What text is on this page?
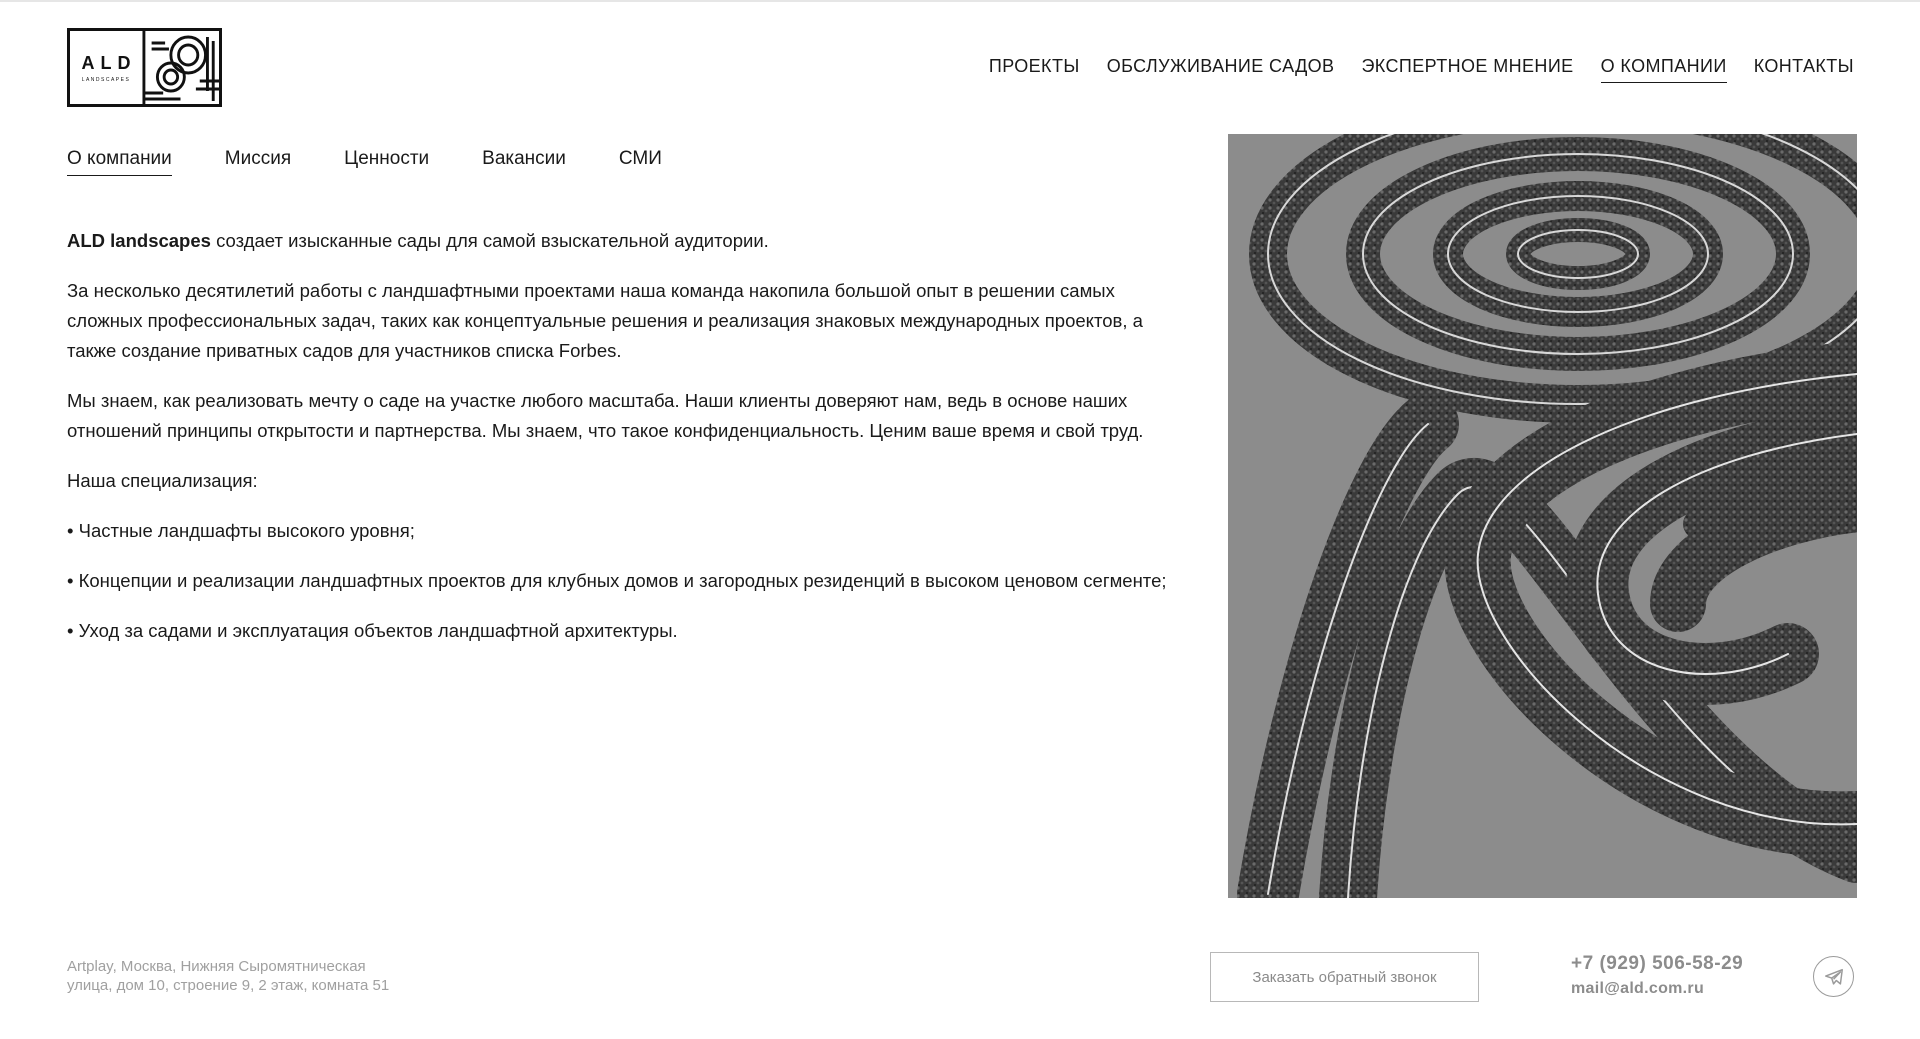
ALD
LANDSCAPES
ПРОЕКТЫ ОБСЛУЖИВАНИЕ САДОВ ЭКСПЕРТНОЕ МНЕНИЕ О КОМПАНИИ КОНТАКТЫ
О компании	Миссия	Ценности	Вакансии	СМИ

ALD landscapes создает изысканные сады для самой взыскательной аудитории.

За несколько десятилетий работы с ландшафтными проектами наша команда накопила большой опыт в решении самых сложных профессиональных задач, таких как концептуальные решения и реализация знаковых международных проектов, а также создание приватных садов для участников списка Forbes.

Мы знаем, как реализовать мечту о саде на участке любого масштаба. Наши клиенты доверяют нам, ведь в основе наших отношений принципы открытости и партнерства. Мы знаем, что такое конфиденциальность. Ценим ваше время и свой труд.

Наша специализация:

• Частные ландшафты высокого уровня;

• Концепции и реализации ландшафтных проектов для клубных домов и загородных резиденций в высоком ценовом сегменте;

• Уход за садами и эксплуатация объектов ландшафтной архитектуры.

Artplay, Москва, Нижняя Сыромятническая
улица, дом 10, строение 9, 2 этаж, комната 51	Заказать обратный звонок
+7 (929) 506-58-29
mail@ald.com.ru
